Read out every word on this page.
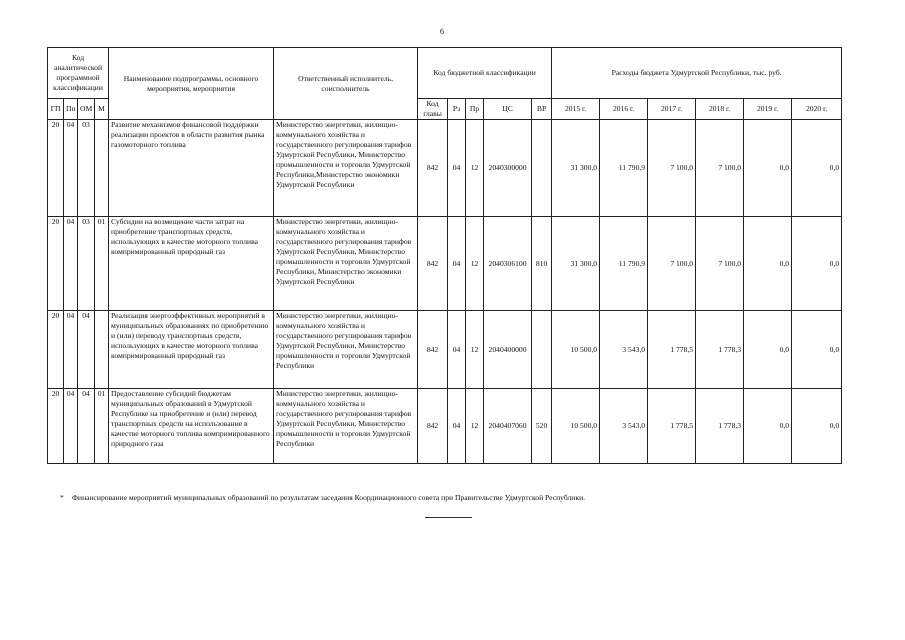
6
Код аналитической программной классификации				Наименование подпрограммы, основного мероприятия, мероприятия	Ответственный исполнитель, соисполнитель	Код бюджетной классификации					Расходы бюджета Удмуртской Республики, тыс. руб.					
ГП	Пп	ОМ	М			Код главы	Рз	Пр	ЦС	ВР	2015 г.	2016 г.	2017 г.	2018 г.	2019 г.	2020 г.
20	04	03		Развитие механизмов финансовой поддержки реализации проектов в области развития рынка газомоторного топлива	Министерство энергетики, жилищно-коммунального хозяйства и государственного регулирования тарифов Удмуртской Республики, Министерство промышленности и торговли Удмуртской Республики,Министерство экономики Удмуртской Республики	842	04	12	2040300000		31 300,0	11 790,9	7 100,0	7 100,0	0,0	0,0
20	04	03	01	Субсидии на возмещение части затрат на приобретение транспортных средств, использующих в качестве моторного топлива компримированный природный газ	Министерство энергетики, жилищно-коммунального хозяйства и государственного регулирования тарифов Удмуртской Республики, Министерство промышленности и торговли Удмуртской Республики, Министерство экономики Удмуртской Республики	842	04	12	2040306100	810	31 300,0	11 790,9	7 100,0	7 100,0	0,0	0,0
20	04	04		Реализация энергоэффективных мероприятий в муниципальных образованиях по приобретению и (или) переводу транспортных средств, использующих в качестве моторного топлива компримированный природный газ	Министерство энергетики, жилищно-коммунального хозяйства и государственного регулирования тарифов Удмуртской Республики, Министерство промышленности и торговли Удмуртской Республики	842	04	12	2040400000		10 500,0	3 543,0	1 778,5	1 778,3	0,0	0,0
20	04	04	01	Предоставление субсидий бюджетам муниципальных образований в Удмуртской Республике на приобретение и (или) перевод транспортных средств на использование в качестве моторного топлива компримированного природного газа	Министерство энергетики, жилищно-коммунального хозяйства и государственного регулирования тарифов Удмуртской Республики, Министерство промышленности и торговли Удмуртской Республики	842	04	12	2040407060	520	10 500,0	3 543,0	1 778,5	1 778,3	0,0	0,0
* Финансирование мероприятий муниципальных образований по результатам заседания Координационного совета при Правительстве Удмуртской Республики.
